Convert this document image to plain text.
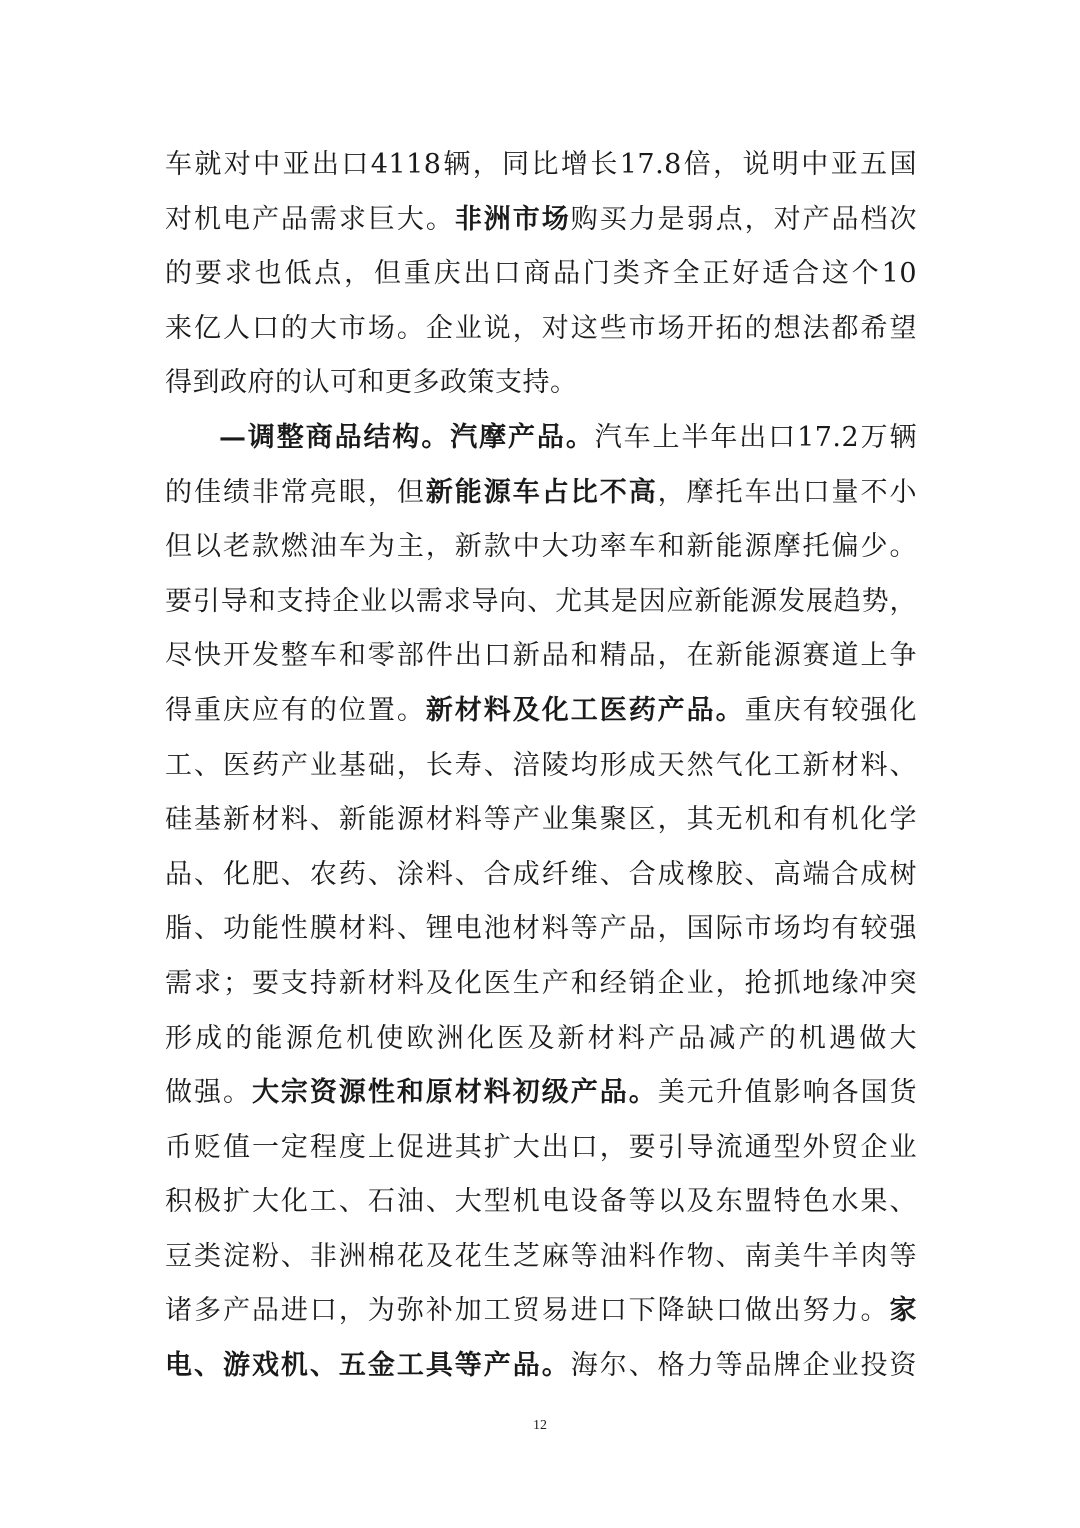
车就对中亚出口4118辆，同比增长17.8倍，说明中亚五国
对机电产品需求巨大。非洲市场购买力是弱点，对产品档次
的要求也低点，但重庆出口商品门类齐全正好适合这个10
来亿人口的大市场。企业说，对这些市场开拓的想法都希望
得到政府的认可和更多政策支持。
—调整商品结构。汽摩产品。汽车上半年出口17.2万辆
的佳绩非常亮眼，但新能源车占比不高，摩托车出口量不小
但以老款燃油车为主，新款中大功率车和新能源摩托偏少。
要引导和支持企业以需求导向、尤其是因应新能源发展趋势，
尽快开发整车和零部件出口新品和精品，在新能源赛道上争
得重庆应有的位置。新材料及化工医药产品。重庆有较强化
工、医药产业基础，长寿、涪陵均形成天然气化工新材料、
硅基新材料、新能源材料等产业集聚区，其无机和有机化学
品、化肥、农药、涂料、合成纤维、合成橡胶、高端合成树
脂、功能性膜材料、锂电池材料等产品，国际市场均有较强
需求；要支持新材料及化医生产和经销企业，抢抓地缘冲突
形成的能源危机使欧洲化医及新材料产品减产的机遇做大
做强。大宗资源性和原材料初级产品。美元升值影响各国货
币贬值一定程度上促进其扩大出口，要引导流通型外贸企业
积极扩大化工、石油、大型机电设备等以及东盟特色水果、
豆类淀粉、非洲棉花及花生芝麻等油料作物、南美牛羊肉等
诸多产品进口，为弥补加工贸易进口下降缺口做出努力。家
电、游戏机、五金工具等产品。海尔、格力等品牌企业投资
12
